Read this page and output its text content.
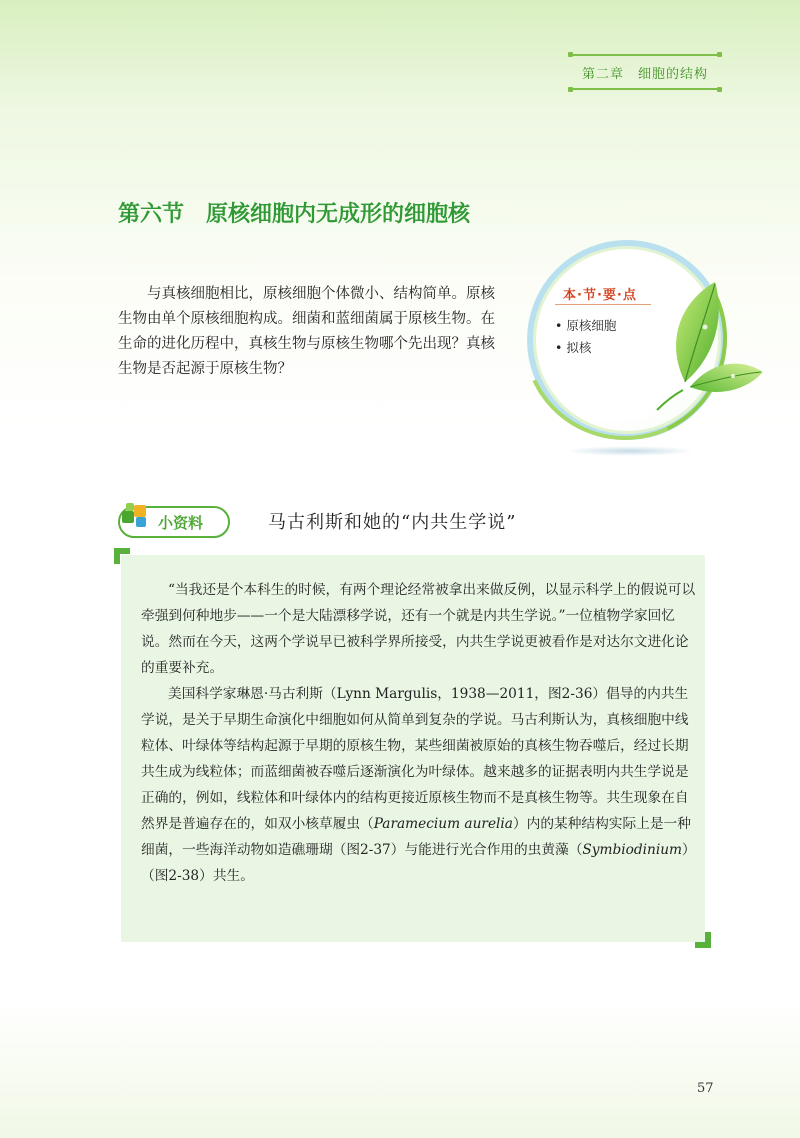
第二章　细胞的结构
第六节　原核细胞内无成形的细胞核
与真核细胞相比，原核细胞个体微小、结构简单。原核生物由单个原核细胞构成。细菌和蓝细菌属于原核生物。在生命的进化历程中，真核生物与原核生物哪个先出现？真核生物是否起源于原核生物？
本·节·要·点
• 原核细胞
• 拟核
小资料	马古利斯和她的“内共生学说”
“当我还是个本科生的时候，有两个理论经常被拿出来做反例，以显示科学上的假说可以牵强到何种地步——一个是大陆漂移学说，还有一个就是内共生学说。”一位植物学家回忆说。然而在今天，这两个学说早已被科学界所接受，内共生学说更被看作是对达尔文进化论的重要补充。
美国科学家琳恩·马古利斯（Lynn Margulis，1938—2011，图2-36）倡导的内共生学说，是关于早期生命演化中细胞如何从简单到复杂的学说。马古利斯认为，真核细胞中线粒体、叶绿体等结构起源于早期的原核生物，某些细菌被原始的真核生物吞噬后，经过长期共生成为线粒体；而蓝细菌被吞噬后逐渐演化为叶绿体。越来越多的证据表明内共生学说是正确的，例如，线粒体和叶绿体内的结构更接近原核生物而不是真核生物等。共生现象在自然界是普遍存在的，如双小核草履虫（Paramecium aurelia）内的某种结构实际上是一种细菌，一些海洋动物如造礁珊瑚（图2-37）与能进行光合作用的虫黄藻（Symbiodinium）（图2-38）共生。
57
